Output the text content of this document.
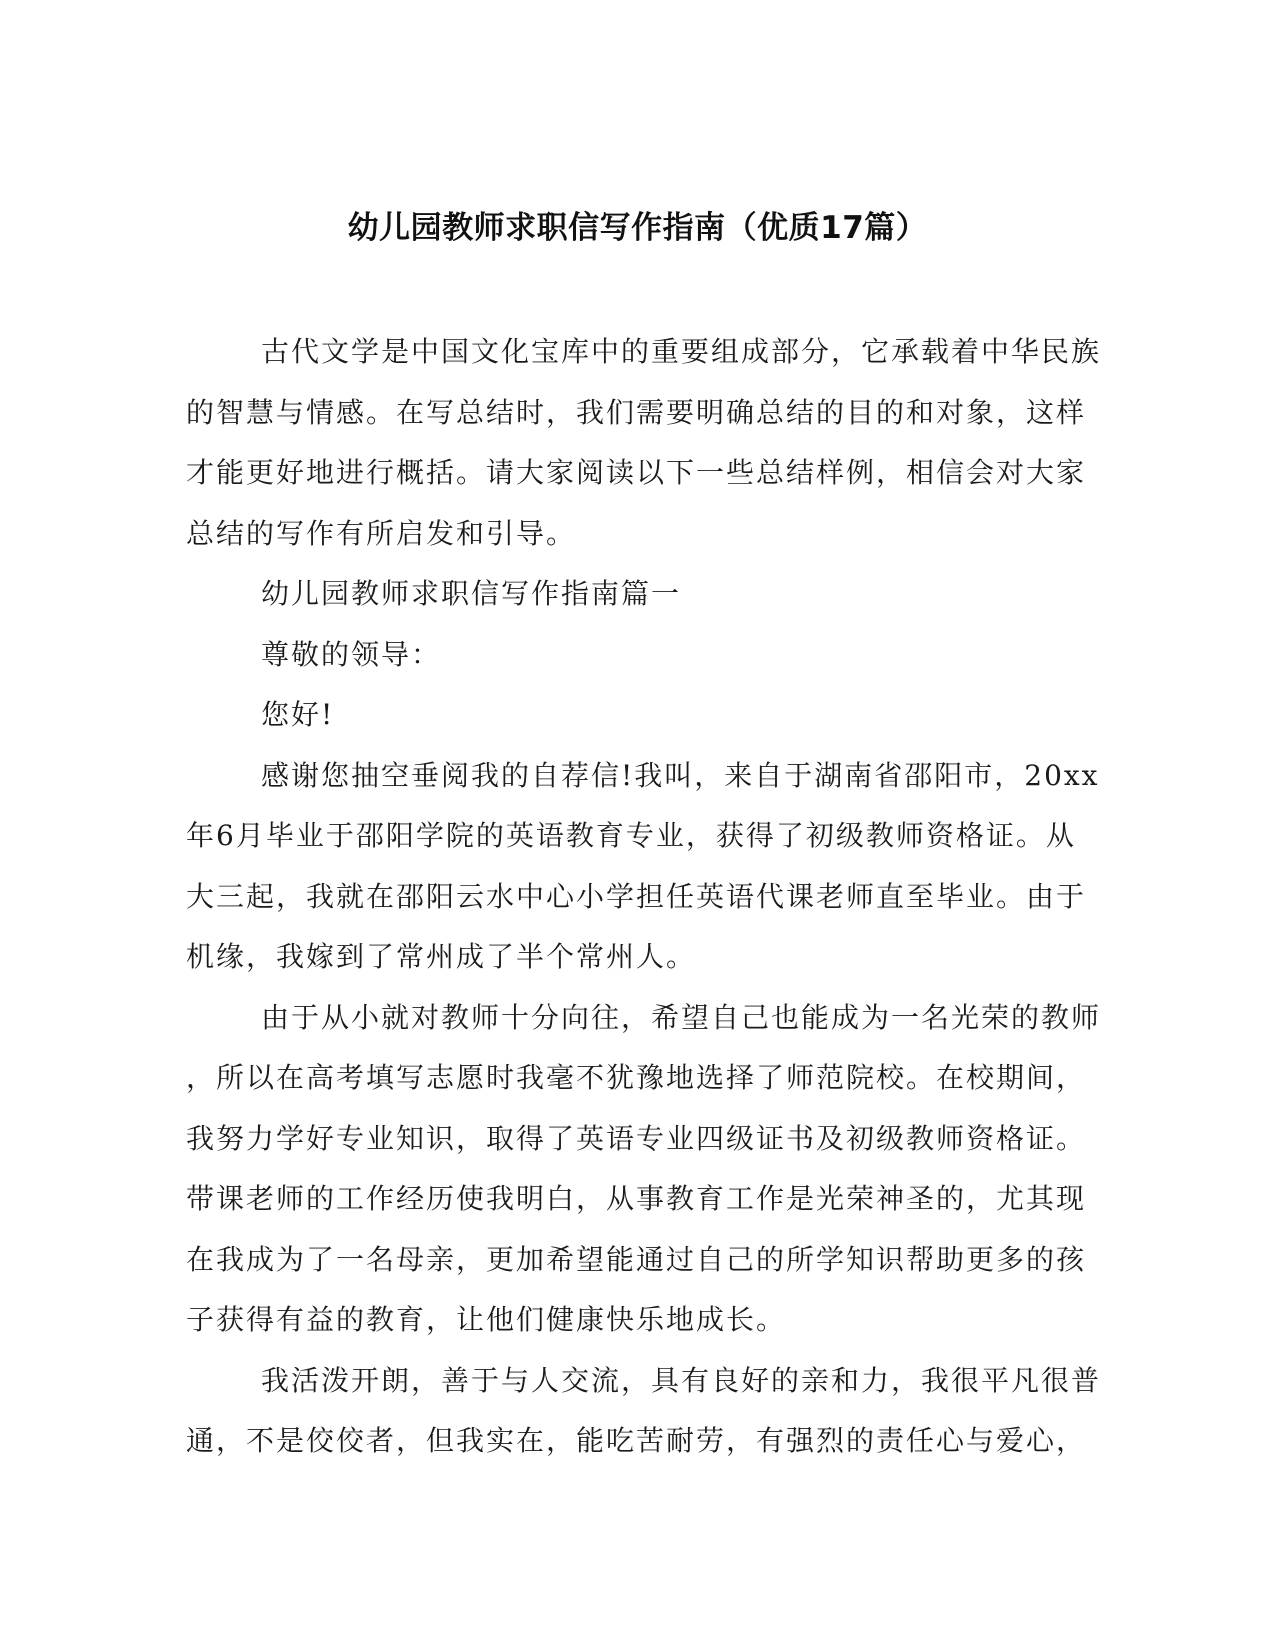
幼儿园教师求职信写作指南（优质17篇）
古代文学是中国文化宝库中的重要组成部分，它承载着中华民族
的智慧与情感。在写总结时，我们需要明确总结的目的和对象，这样
才能更好地进行概括。请大家阅读以下一些总结样例，相信会对大家
总结的写作有所启发和引导。
幼儿园教师求职信写作指南篇一
尊敬的领导：
您好!
感谢您抽空垂阅我的自荐信!我叫，来自于湖南省邵阳市，20xx
年6月毕业于邵阳学院的英语教育专业，获得了初级教师资格证。从
大三起，我就在邵阳云水中心小学担任英语代课老师直至毕业。由于
机缘，我嫁到了常州成了半个常州人。
由于从小就对教师十分向往，希望自己也能成为一名光荣的教师
，所以在高考填写志愿时我毫不犹豫地选择了师范院校。在校期间，
我努力学好专业知识，取得了英语专业四级证书及初级教师资格证。
带课老师的工作经历使我明白，从事教育工作是光荣神圣的，尤其现
在我成为了一名母亲，更加希望能通过自己的所学知识帮助更多的孩
子获得有益的教育，让他们健康快乐地成长。
我活泼开朗，善于与人交流，具有良好的亲和力，我很平凡很普
通，不是佼佼者，但我实在，能吃苦耐劳，有强烈的责任心与爱心，
